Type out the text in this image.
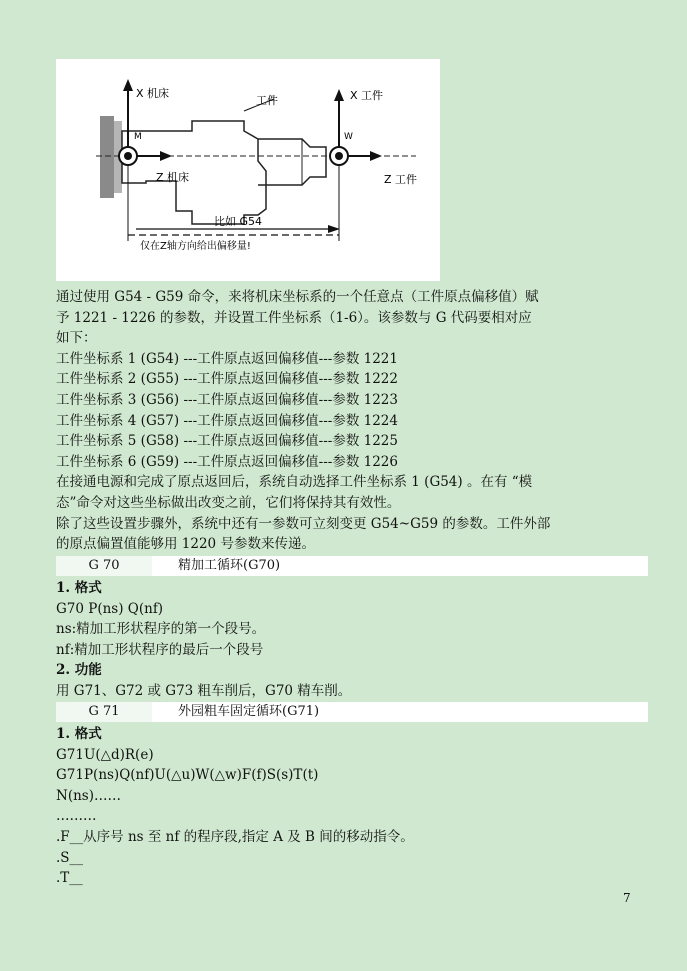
X 机床
工件	X 工件
M	W
Z 机床	Z 工件
比如 G54
仅在Z轴方向给出偏移量!
通过使用 G54 - G59 命令，来将机床坐标系的一个任意点（工件原点偏移值）赋
予 1221 - 1226 的参数，并设置工件坐标系（1-6）。该参数与 G 代码要相对应
如下：
工件坐标系 1 (G54) ---工件原点返回偏移值---参数 1221
工件坐标系 2 (G55) ---工件原点返回偏移值---参数 1222
工件坐标系 3 (G56) ---工件原点返回偏移值---参数 1223
工件坐标系 4 (G57) ---工件原点返回偏移值---参数 1224
工件坐标系 5 (G58) ---工件原点返回偏移值---参数 1225
工件坐标系 6 (G59) ---工件原点返回偏移值---参数 1226
在接通电源和完成了原点返回后，系统自动选择工件坐标系 1 (G54) 。在有 “模
态”命令对这些坐标做出改变之前，它们将保持其有效性。
除了这些设置步骤外，系统中还有一参数可立刻变更 G54~G59 的参数。工件外部
的原点偏置值能够用 1220 号参数来传递。
G 70	精加工循环(G70)
1. 格式
G70 P(ns) Q(nf)
ns:精加工形状程序的第一个段号。
nf:精加工形状程序的最后一个段号
2. 功能
用 G71、G72 或 G73 粗车削后，G70 精车削。
G 71	外园粗车固定循环(G71)
1. 格式
G71U(△d)R(e)
G71P(ns)Q(nf)U(△u)W(△w)F(f)S(s)T(t)
N(ns)……
………
.F__从序号 ns 至 nf 的程序段,指定 A 及 B 间的移动指令。
.S__
.T__
7
